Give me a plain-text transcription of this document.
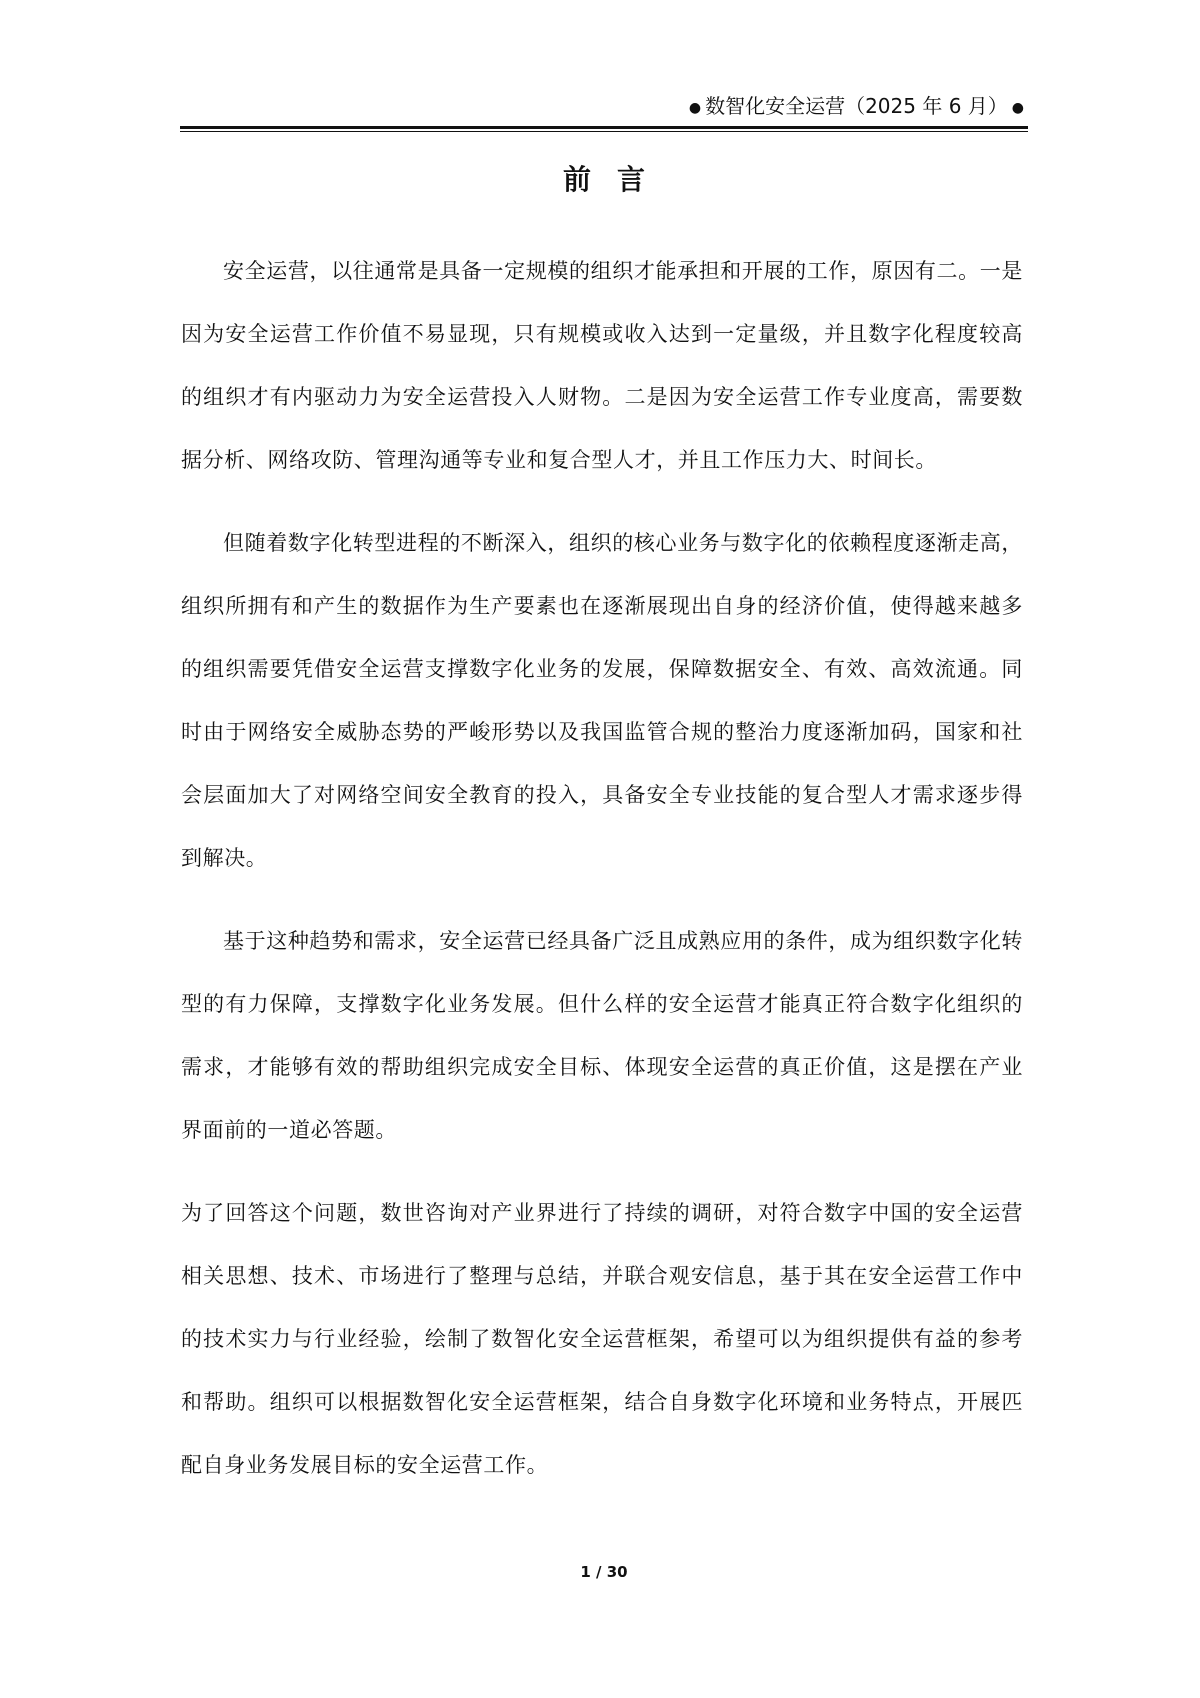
● 数智化安全运营（2025 年 6 月） ●
前言

安全运营，以往通常是具备一定规模的组织才能承担和开展的工作，原因有二。一是因为安全运营工作价值不易显现，只有规模或收入达到一定量级，并且数字化程度较高的组织才有内驱动力为安全运营投入人财物。二是因为安全运营工作专业度高，需要数据分析、网络攻防、管理沟通等专业和复合型人才，并且工作压力大、时间长。

但随着数字化转型进程的不断深入，组织的核心业务与数字化的依赖程度逐渐走高，组织所拥有和产生的数据作为生产要素也在逐渐展现出自身的经济价值，使得越来越多的组织需要凭借安全运营支撑数字化业务的发展，保障数据安全、有效、高效流通。同时由于网络安全威胁态势的严峻形势以及我国监管合规的整治力度逐渐加码，国家和社会层面加大了对网络空间安全教育的投入，具备安全专业技能的复合型人才需求逐步得到解决。

基于这种趋势和需求，安全运营已经具备广泛且成熟应用的条件，成为组织数字化转型的有力保障，支撑数字化业务发展。但什么样的安全运营才能真正符合数字化组织的需求，才能够有效的帮助组织完成安全目标、体现安全运营的真正价值，这是摆在产业界面前的一道必答题。

为了回答这个问题，数世咨询对产业界进行了持续的调研，对符合数字中国的安全运营相关思想、技术、市场进行了整理与总结，并联合观安信息，基于其在安全运营工作中的技术实力与行业经验，绘制了数智化安全运营框架，希望可以为组织提供有益的参考和帮助。组织可以根据数智化安全运营框架，结合自身数字化环境和业务特点，开展匹配自身业务发展目标的安全运营工作。

1 / 30
